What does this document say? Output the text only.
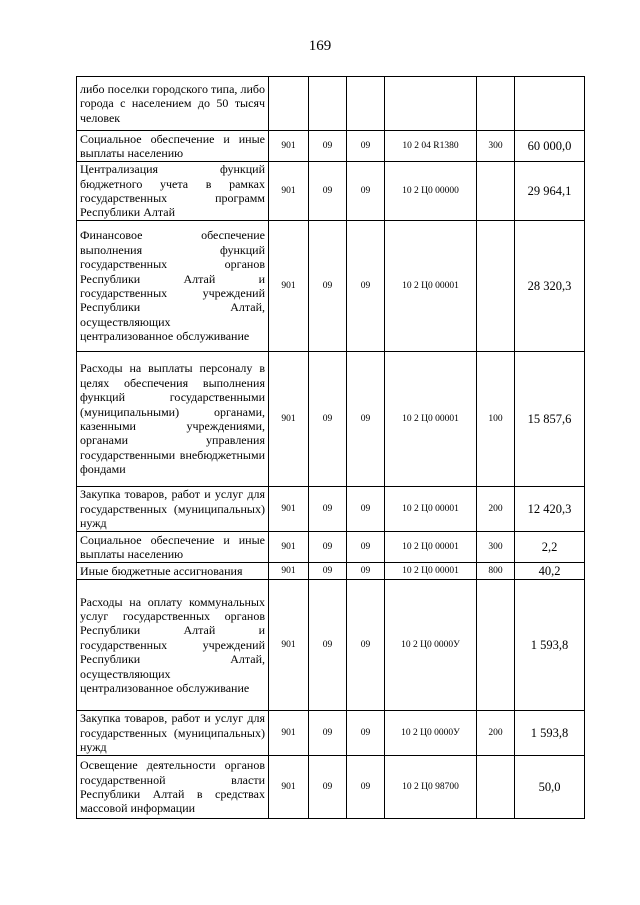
169
либо поселки городского типа, либо города с населением до 50 тысяч человек						
Социальное обеспечение и иные выплаты населению	901	09	09	10 2 04 R1380	300	60 000,0
Централизация функций бюджетного учета в рамках государственных программ Республики Алтай	901	09	09	10 2 Ц0 00000		29 964,1
Финансовое обеспечение выполнения функций государственных органов Республики Алтай и государственных учреждений Республики Алтай, осуществляющих централизованное обслуживание	901	09	09	10 2 Ц0 00001		28 320,3
Расходы на выплаты персоналу в целях обеспечения выполнения функций государственными (муниципальными) органами, казенными учреждениями, органами управления государственными внебюджетными фондами	901	09	09	10 2 Ц0 00001	100	15 857,6
Закупка товаров, работ и услуг для государственных (муниципальных) нужд	901	09	09	10 2 Ц0 00001	200	12 420,3
Социальное обеспечение и иные выплаты населению	901	09	09	10 2 Ц0 00001	300	2,2
Иные бюджетные ассигнования	901	09	09	10 2 Ц0 00001	800	40,2
Расходы на оплату коммунальных услуг государственных органов Республики Алтай и государственных учреждений Республики Алтай, осуществляющих централизованное обслуживание	901	09	09	10 2 Ц0 0000У		1 593,8
Закупка товаров, работ и услуг для государственных (муниципальных) нужд	901	09	09	10 2 Ц0 0000У	200	1 593,8
Освещение деятельности органов государственной власти Республики Алтай в средствах массовой информации	901	09	09	10 2 Ц0 98700		50,0
